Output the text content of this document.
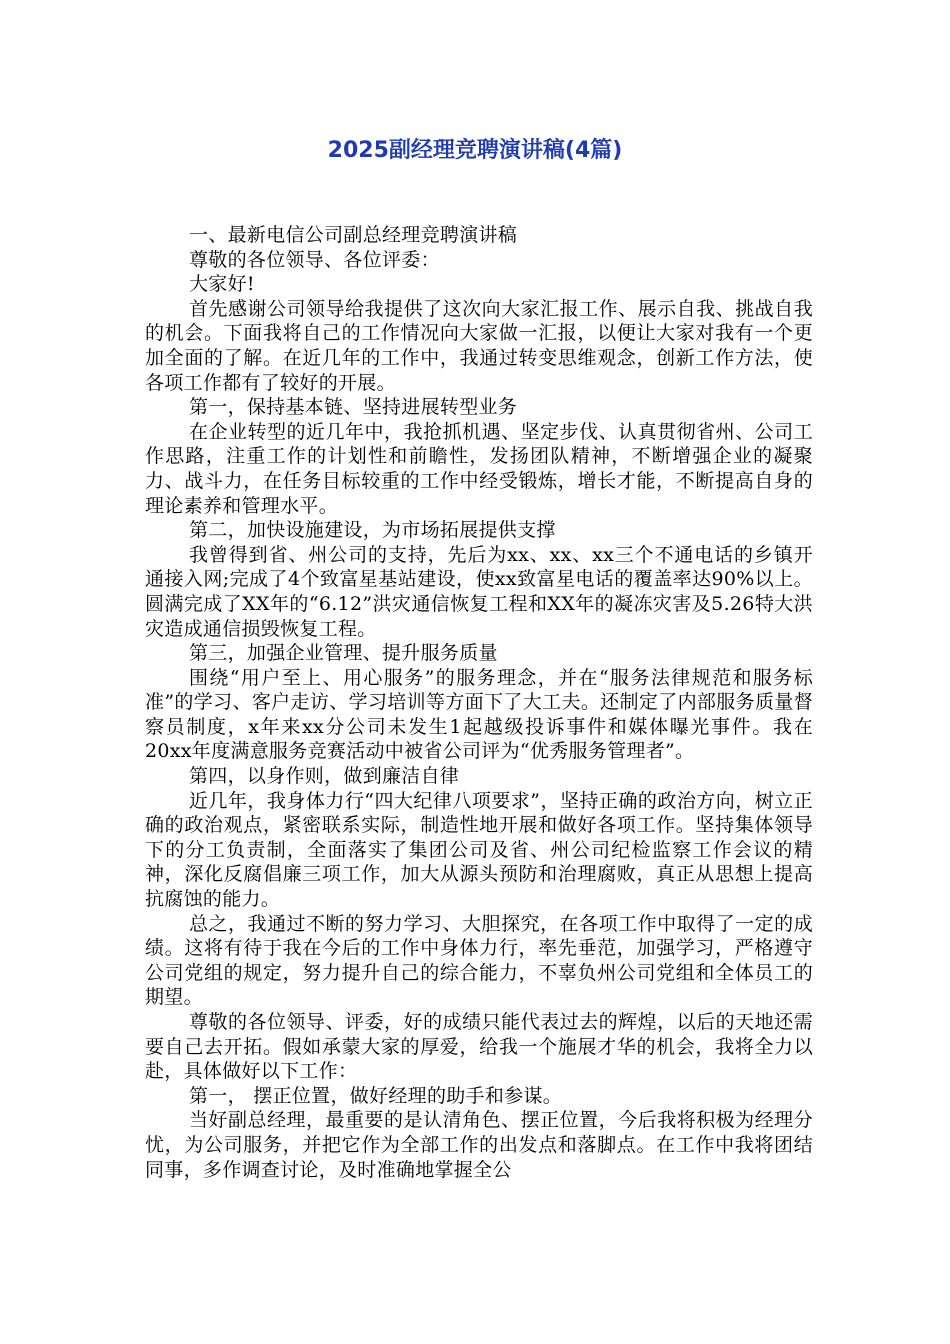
2025副经理竞聘演讲稿(4篇)

一、最新电信公司副总经理竞聘演讲稿

尊敬的各位领导、各位评委：

大家好!

首先感谢公司领导给我提供了这次向大家汇报工作、展示自我、挑战自我的机会。下面我将自己的工作情况向大家做一汇报，以便让大家对我有一个更加全面的了解。在近几年的工作中，我通过转变思维观念，创新工作方法，使各项工作都有了较好的开展。

第一，保持基本链、坚持进展转型业务

在企业转型的近几年中，我抢抓机遇、坚定步伐、认真贯彻省州、公司工作思路，注重工作的计划性和前瞻性，发扬团队精神，不断增强企业的凝聚力、战斗力，在任务目标较重的工作中经受锻炼，增长才能，不断提高自身的理论素养和管理水平。

第二，加快设施建设，为市场拓展提供支撑

我曾得到省、州公司的支持，先后为xx、xx、xx三个不通电话的乡镇开通接入网;完成了4个致富星基站建设，使xx致富星电话的覆盖率达90%以上。圆满完成了XX年的“6.12”洪灾通信恢复工程和XX年的凝冻灾害及5.26特大洪灾造成通信损毁恢复工程。

第三，加强企业管理、提升服务质量

围绕“用户至上、用心服务”的服务理念，并在“服务法律规范和服务标准”的学习、客户走访、学习培训等方面下了大工夫。还制定了内部服务质量督察员制度，x年来xx分公司未发生1起越级投诉事件和媒体曝光事件。我在20xx年度满意服务竞赛活动中被省公司评为“优秀服务管理者”。

第四，以身作则，做到廉洁自律

近几年，我身体力行“四大纪律八项要求”，坚持正确的政治方向，树立正确的政治观点，紧密联系实际，制造性地开展和做好各项工作。坚持集体领导下的分工负责制，全面落实了集团公司及省、州公司纪检监察工作会议的精神，深化反腐倡廉三项工作，加大从源头预防和治理腐败，真正从思想上提高抗腐蚀的能力。

总之，我通过不断的努力学习、大胆探究，在各项工作中取得了一定的成绩。这将有待于我在今后的工作中身体力行，率先垂范，加强学习，严格遵守公司党组的规定，努力提升自己的综合能力，不辜负州公司党组和全体员工的期望。

尊敬的各位领导、评委，好的成绩只能代表过去的辉煌，以后的天地还需要自己去开拓。假如承蒙大家的厚爱，给我一个施展才华的机会，我将全力以赴，具体做好以下工作：

第一， 摆正位置，做好经理的助手和参谋。

当好副总经理，最重要的是认清角色、摆正位置，今后我将积极为经理分忧，为公司服务，并把它作为全部工作的出发点和落脚点。在工作中我将团结同事，多作调查讨论，及时准确地掌握全公
